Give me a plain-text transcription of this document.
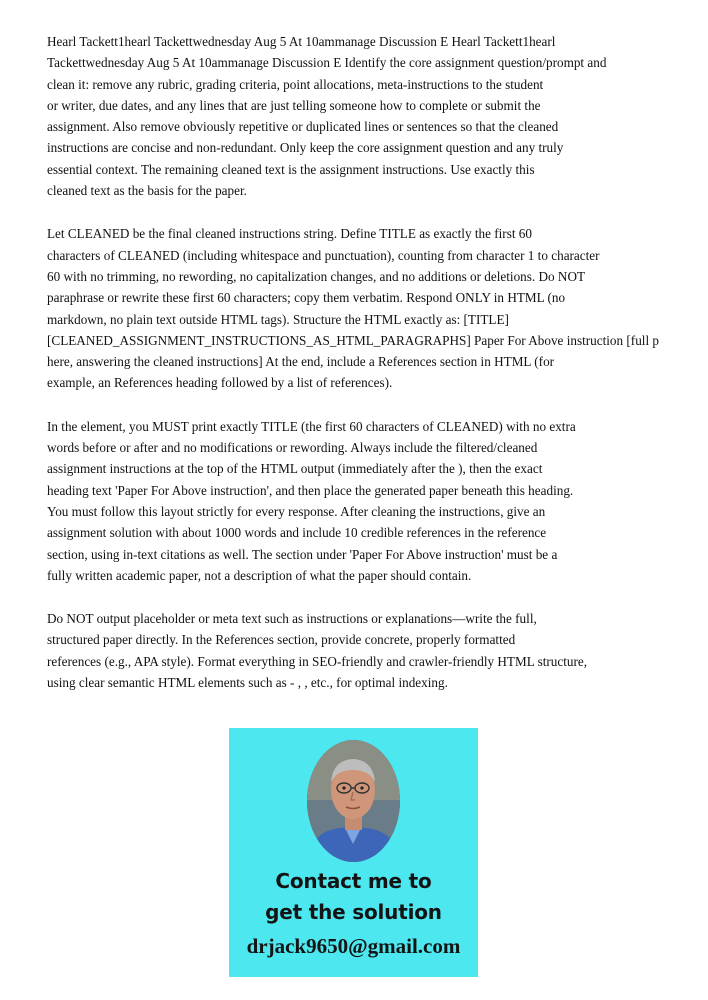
Hearl Tackett1hearl Tackettwednesday Aug 5 At 10ammanage Discussion E Hearl Tackett1hearl
Tackettwednesday Aug 5 At 10ammanage Discussion E Identify the core assignment question/prompt and
clean it: remove any rubric, grading criteria, point allocations, meta-instructions to the student
or writer, due dates, and any lines that are just telling someone how to complete or submit the
assignment. Also remove obviously repetitive or duplicated lines or sentences so that the cleaned
instructions are concise and non-redundant. Only keep the core assignment question and any truly
essential context. The remaining cleaned text is the assignment instructions. Use exactly this
cleaned text as the basis for the paper.
Let CLEANED be the final cleaned instructions string. Define TITLE as exactly the first 60
characters of CLEANED (including whitespace and punctuation), counting from character 1 to character
60 with no trimming, no rewording, no capitalization changes, and no additions or deletions. Do NOT
paraphrase or rewrite these first 60 characters; copy them verbatim. Respond ONLY in HTML (no
markdown, no plain text outside HTML tags). Structure the HTML exactly as: [TITLE]
[CLEANED_ASSIGNMENT_INSTRUCTIONS_AS_HTML_PARAGRAPHS] Paper For Above instruction [full p
here, answering the cleaned instructions] At the end, include a References section in HTML (for
example, an References heading followed by a list of references).
In the element, you MUST print exactly TITLE (the first 60 characters of CLEANED) with no extra
words before or after and no modifications or rewording. Always include the filtered/cleaned
assignment instructions at the top of the HTML output (immediately after the ), then the exact
heading text 'Paper For Above instruction', and then place the generated paper beneath this heading.
You must follow this layout strictly for every response. After cleaning the instructions, give an
assignment solution with about 1000 words and include 10 credible references in the reference
section, using in-text citations as well. The section under 'Paper For Above instruction' must be a
fully written academic paper, not a description of what the paper should contain.
Do NOT output placeholder or meta text such as instructions or explanations—write the full,
structured paper directly. In the References section, provide concrete, properly formatted
references (e.g., APA style). Format everything in SEO-friendly and crawler-friendly HTML structure,
using clear semantic HTML elements such as - , , etc., for optimal indexing.
Contact me to
get the solution
drjack9650@gmail.com
